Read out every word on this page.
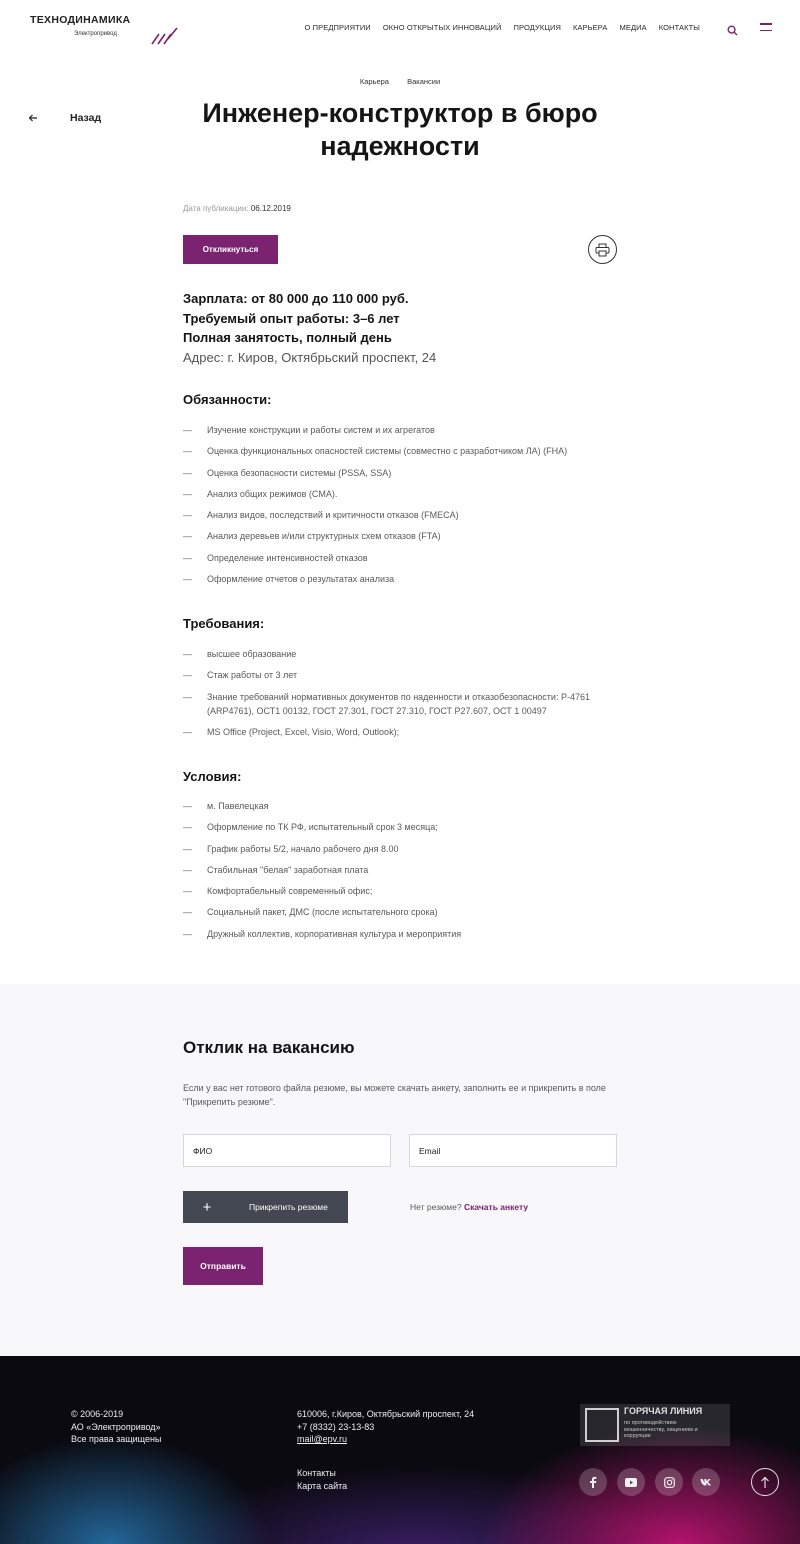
ТЕХНОДИНАМИКА
Электропривод
О ПРЕДПРИЯТИИ ОКНО ОТКРЫТЫХ ИННОВАЦИЙ ПРОДУКЦИЯ КАРЬЕРА МЕДИА КОНТАКТЫ
Карьера Вакансии
Назад	Инженер-конструктор в бюро надежности
Дата публикации: 06.12.2019
Откликнуться
Зарплата: от 80 000 до 110 000 руб.
Требуемый опыт работы: 3–6 лет
Полная занятость, полный день
Адрес: г. Киров, Октябрьский проспект, 24
Обязанности:
— Изучение конструкции и работы систем и их агрегатов
— Оценка функциональных опасностей системы (совместно с разработчиком ЛА) (FHA)
— Оценка безопасности системы (PSSA, SSA)
— Анализ общих режимов (CMA).
— Анализ видов, последствий и критичности отказов (FMECA)
— Анализ деревьев и/или структурных схем отказов (FTA)
— Определение интенсивностей отказов
— Оформление отчетов о результатах анализа
Требования:
— высшее образование
— Стаж работы от 3 лет
— Знание требований нормативных документов по наденности и отказобезопасности: Р-4761 (ARP4761), ОСТ1 00132, ГОСТ 27.301, ГОСТ 27.310, ГОСТ Р27.607, ОСТ 1 00497
— MS Office (Project, Excel, Visio, Word, Outlook);
Условия:
— м. Павелецкая
— Оформление по ТК РФ, испытательный срок 3 месяца;
— График работы 5/2, начало рабочего дня 8.00
— Стабильная "белая" заработная плата
— Комфортабельный современный офис;
— Социальный пакет, ДМС (после испытательного срока)
— Дружный коллектив, корпоративная культура и мероприятия
Отклик на вакансию

Если у вас нет готового файла резюме, вы можете скачать анкету, заполнить ее и прикрепить в поле "Прикрепить резюме".

ФИО
Email
+	Прикрепить резюме	Нет резюме? Скачать анкету
Отправить
© 2006-2019
АО «Электропривод»
Все права защищены
610006, г.Киров, Октябрьский проспект, 24
+7 (8332) 23-13-83
mail@epv.ru
Контакты
Карта сайта
ГОРЯЧАЯ ЛИНИЯ
по противодействию мошенничеству, хищениям и коррупции
